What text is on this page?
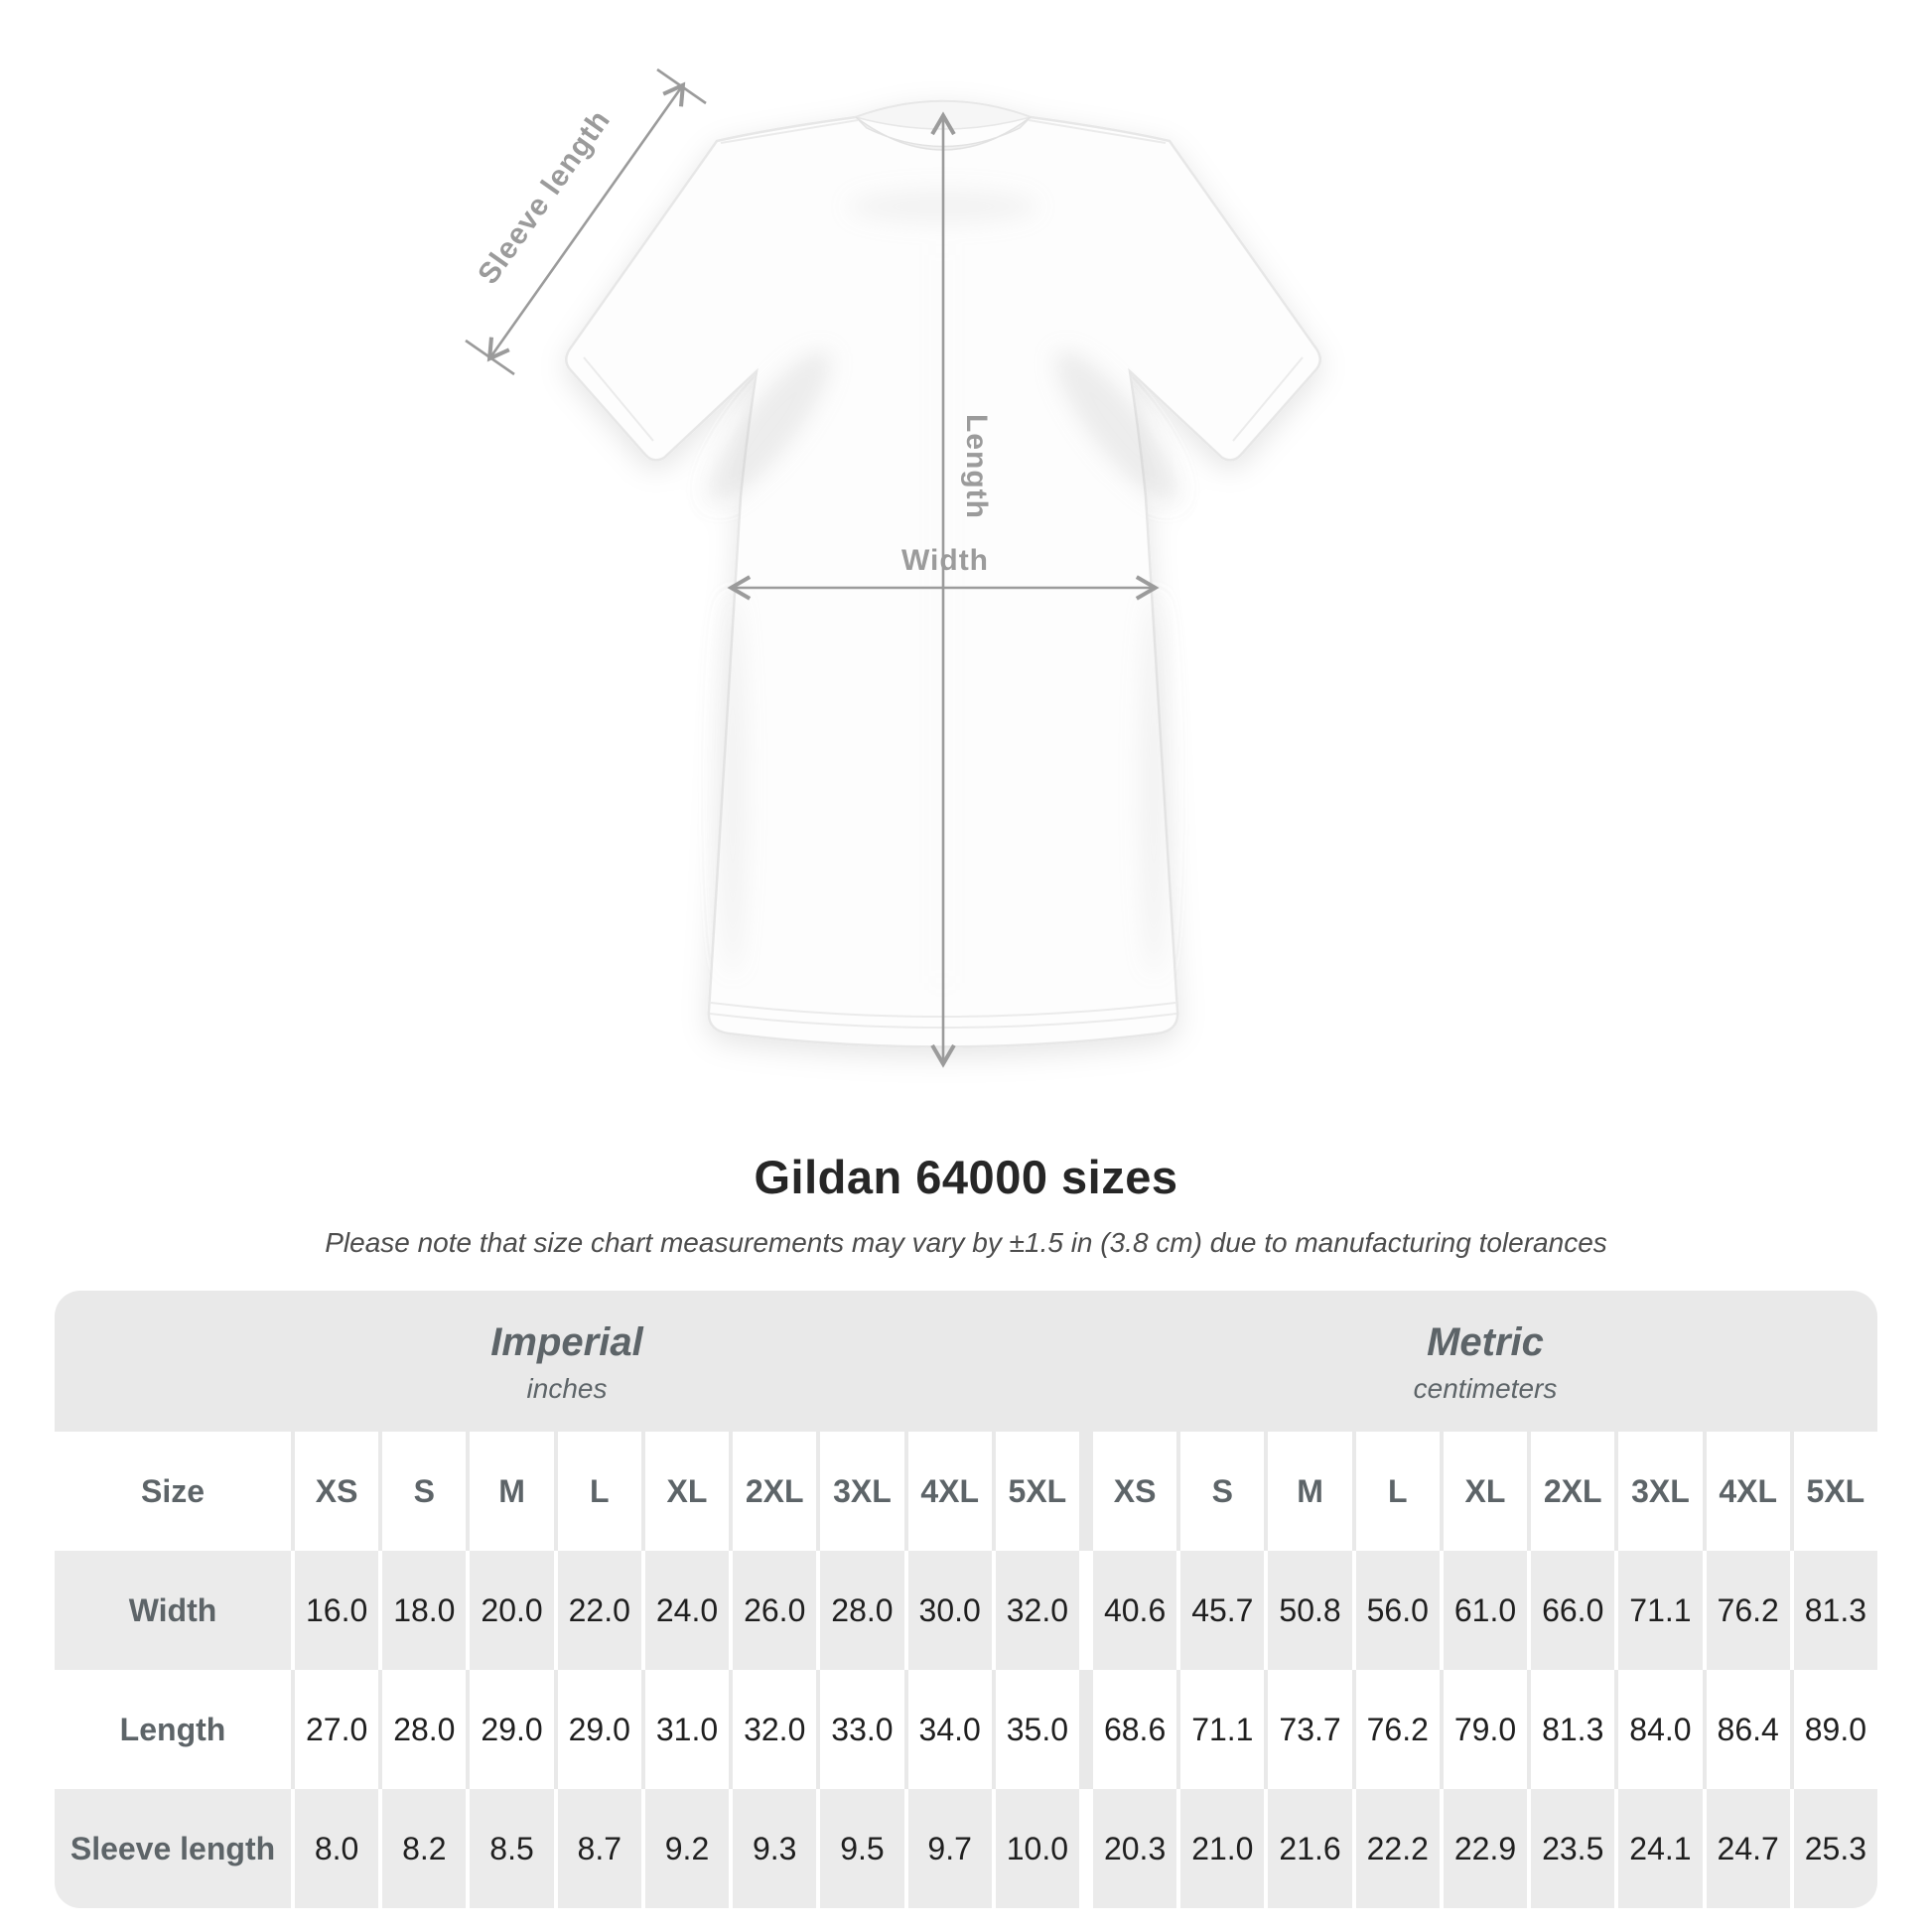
Sleeve length
Length
Width
Gildan 64000 sizes
Please note that size chart measurements may vary by ±1.5 in (3.8 cm) due to manufacturing tolerances
Imperial
inches
Metric
centimeters
Size	XS	S	M	L	XL	2XL 3XL 4XL 5XL	XS	S	M	L	XL	2XL 3XL 4XL 5XL
Width	16.0 18.0 20.0 22.0 24.0 26.0 28.0 30.0 32.0	40.6 45.7 50.8 56.0 61.0 66.0 71.1 76.2 81.3
Length	27.0 28.0 29.0 29.0 31.0 32.0 33.0 34.0 35.0	68.6 71.1 73.7 76.2 79.0 81.3 84.0 86.4 89.0
Sleeve length	8.0	8.2	8.5	8.7	9.2	9.3	9.5	9.7	10.0	20.3 21.0 21.6 22.2 22.9 23.5 24.1 24.7 25.3
